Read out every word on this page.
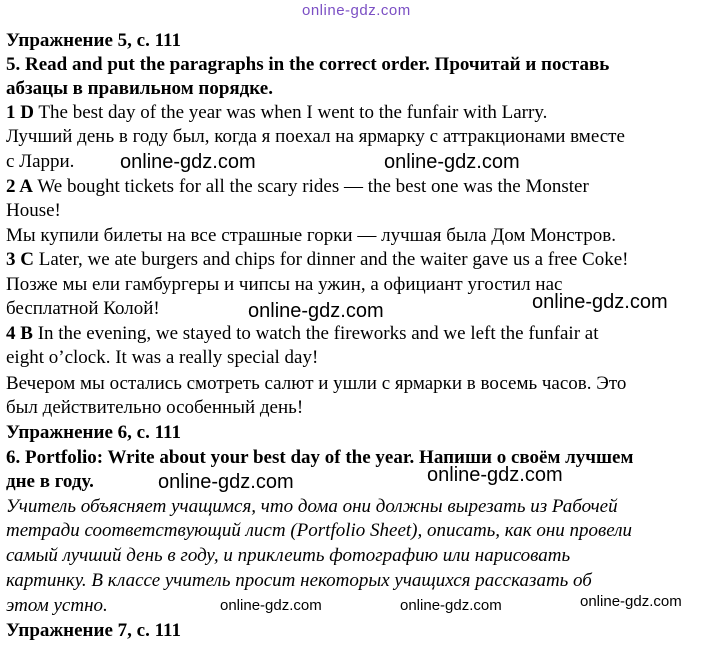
online-gdz.com
Упражнение 5, с. 111
5. Read and put the paragraphs in the correct order. Прочитай и поставь
абзацы в правильном порядке.
1 D The best day of the year was when I went to the funfair with Larry.
Лучший день в году был, когда я поехал на ярмарку с аттракционами вместе
с Ларри.
2 A We bought tickets for all the scary rides — the best one was the Monster
House!
Мы купили билеты на все страшные горки — лучшая была Дом Монстров.
3 C Later, we ate burgers and chips for dinner and the waiter gave us a free Coke!
Позже мы ели гамбургеры и чипсы на ужин, а официант угостил нас
бесплатной Колой!
4 B In the evening, we stayed to watch the fireworks and we left the funfair at
eight o’clock. It was a really special day!
Вечером мы остались смотреть салют и ушли с ярмарки в восемь часов. Это
был действительно особенный день!
Упражнение 6, с. 111
6. Portfolio: Write about your best day of the year. Напиши о своём лучшем
дне в году.
Учитель объясняет учащимся, что дома они должны вырезать из Рабочей
тетради соответствующий лист (Portfolio Sheet), описать, как они провели
самый лучший день в году, и приклеить фотографию или нарисовать
картинку. В классе учитель просит некоторых учащихся рассказать об
этом устно.
Упражнение 7, с. 111
online-gdz.com	online-gdz.com
online-gdz.com
online-gdz.com
online-gdz.com
online-gdz.com
online-gdz.com	online-gdz.com	online-gdz.com
